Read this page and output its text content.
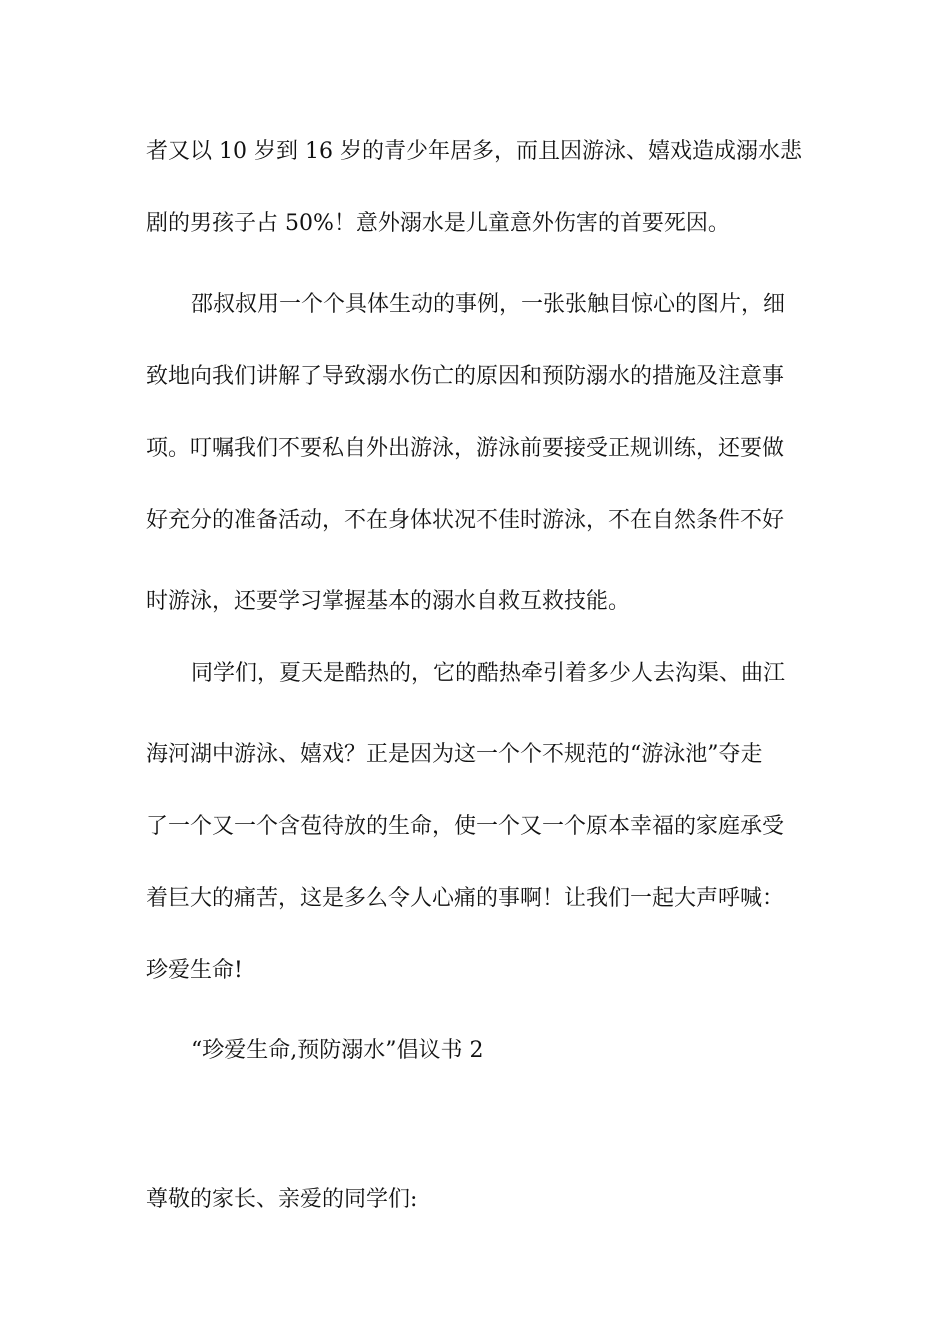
者又以 10 岁到 16 岁的青少年居多，而且因游泳、嬉戏造成溺水悲
剧的男孩子占 50%！意外溺水是儿童意外伤害的首要死因。
邵叔叔用一个个具体生动的事例，一张张触目惊心的图片，细
致地向我们讲解了导致溺水伤亡的原因和预防溺水的措施及注意事
项。叮嘱我们不要私自外出游泳，游泳前要接受正规训练，还要做
好充分的准备活动，不在身体状况不佳时游泳，不在自然条件不好
时游泳，还要学习掌握基本的溺水自救互救技能。
同学们，夏天是酷热的，它的酷热牵引着多少人去沟渠、曲江
海河湖中游泳、嬉戏？正是因为这一个个不规范的“游泳池”夺走
了一个又一个含苞待放的生命，使一个又一个原本幸福的家庭承受
着巨大的痛苦，这是多么令人心痛的事啊！让我们一起大声呼喊：
珍爱生命!
“珍爱生命,预防溺水”倡议书 2
尊敬的家长、亲爱的同学们:
